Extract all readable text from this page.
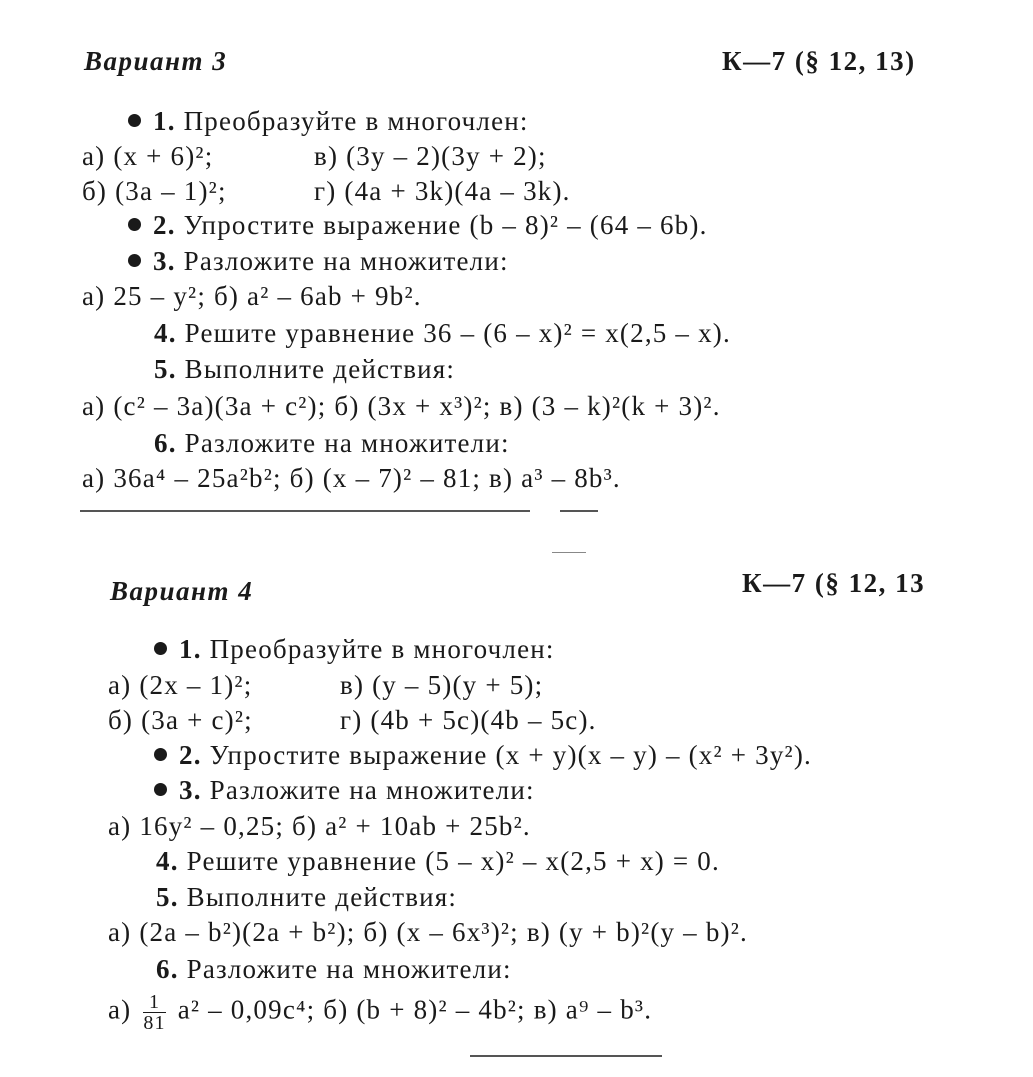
Вариант 3	К—7 (§ 12, 13)
1. Преобразуйте в многочлен:
а) (x + 6)²;	в) (3y – 2)(3y + 2);
б) (3a – 1)²;	г) (4a + 3k)(4a – 3k).
2. Упростите выражение (b – 8)² – (64 – 6b).
3. Разложите на множители:
а) 25 – y²; б) a² – 6ab + 9b².
4. Решите уравнение 36 – (6 – x)² = x(2,5 – x).
5. Выполните действия:
а) (c² – 3a)(3a + c²); б) (3x + x³)²; в) (3 – k)²(k + 3)².
6. Разложите на множители:
а) 36a⁴ – 25a²b²; б) (x – 7)² – 81; в) a³ – 8b³.
Вариант 4	К—7 (§ 12, 13
1. Преобразуйте в многочлен:
а) (2x – 1)²;	в) (y – 5)(y + 5);
б) (3a + c)²;	г) (4b + 5c)(4b – 5c).
2. Упростите выражение (x + y)(x – y) – (x² + 3y²).
3. Разложите на множители:
а) 16y² – 0,25; б) a² + 10ab + 25b².
4. Решите уравнение (5 – x)² – x(2,5 + x) = 0.
5. Выполните действия:
а) (2a – b²)(2a + b²); б) (x – 6x³)²; в) (y + b)²(y – b)².
6. Разложите на множители:
$а) \frac{1}{81} a^2 - 0,09c^4$; б) (b + 8)² – 4b²; в) a⁹ – b³.
